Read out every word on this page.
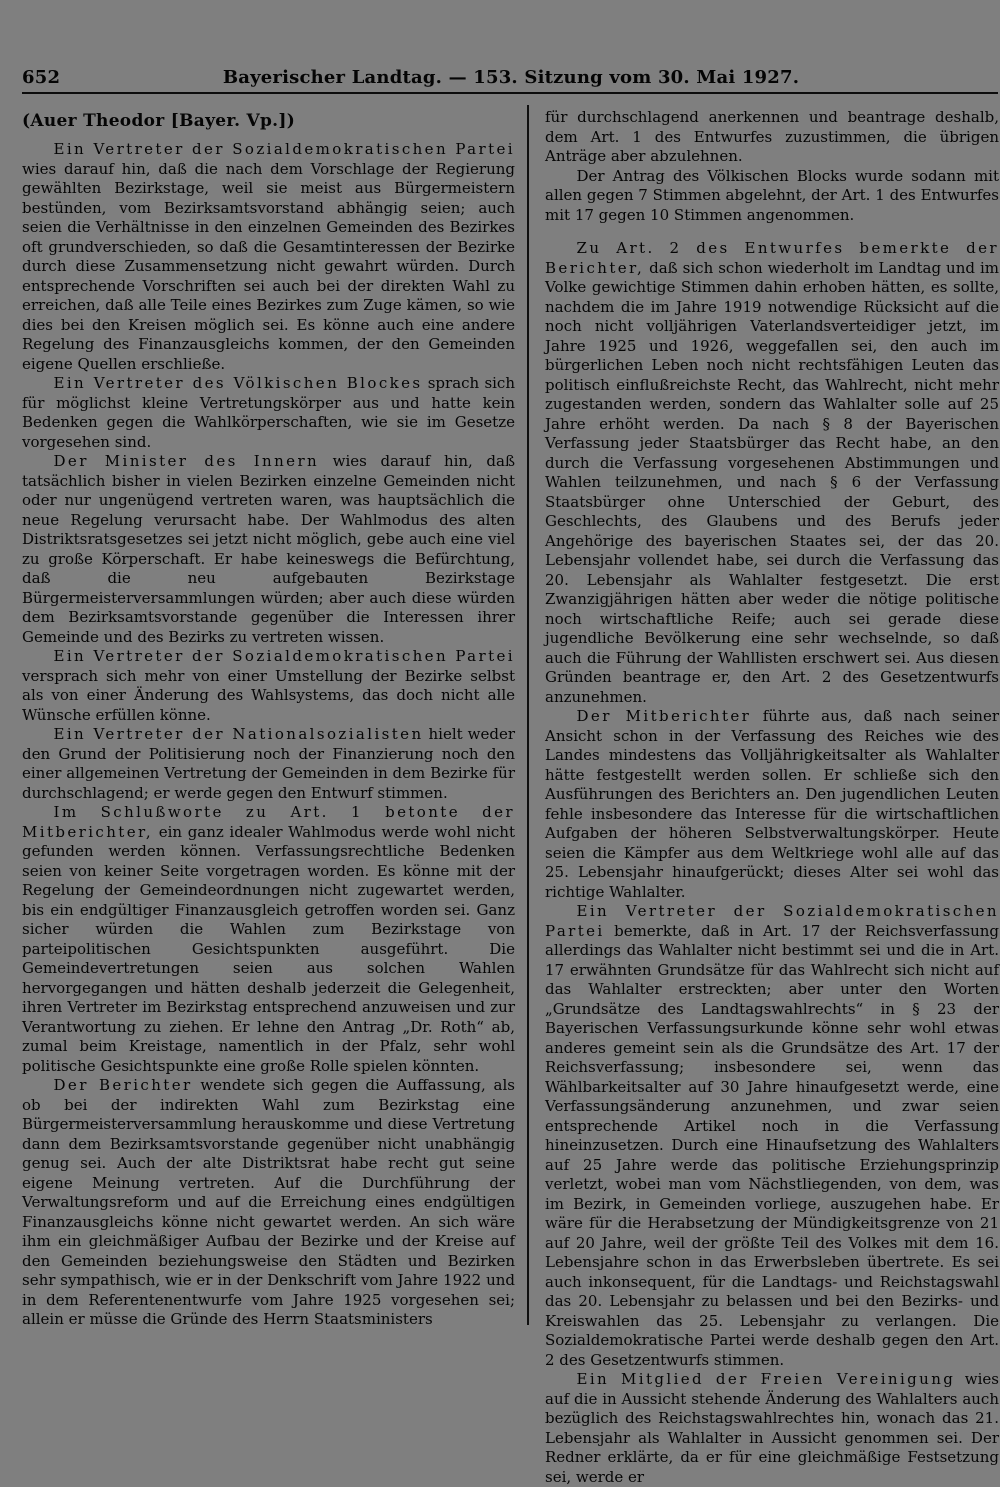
652	Bayerischer Landtag. — 153. Sitzung vom 30. Mai 1927.

(Auer Theodor [Bayer. Vp.])

Ein Vertreter der Sozialdemokratischen Partei wies darauf hin, daß die nach dem Vorschlage der Regierung gewählten Bezirkstage, weil sie meist aus Bürgermeistern bestünden, vom Bezirksamtsvorstand abhängig seien; auch seien die Verhältnisse in den einzelnen Gemeinden des Bezirkes oft grundverschieden, so daß die Gesamtinteressen der Bezirke durch diese Zusammensetzung nicht gewahrt würden. Durch entsprechende Vorschriften sei auch bei der direkten Wahl zu erreichen, daß alle Teile eines Bezirkes zum Zuge kämen, so wie dies bei den Kreisen möglich sei. Es könne auch eine andere Regelung des Finanzausgleichs kommen, der den Gemeinden eigene Quellen erschließe.

Ein Vertreter des Völkischen Blockes sprach sich für möglichst kleine Vertretungskörper aus und hatte kein Bedenken gegen die Wahlkörperschaften, wie sie im Gesetze vorgesehen sind.

Der Minister des Innern wies darauf hin, daß tatsächlich bisher in vielen Bezirken einzelne Gemeinden nicht oder nur ungenügend vertreten waren, was hauptsächlich die neue Regelung verursacht habe. Der Wahlmodus des alten Distriktsratsgesetzes sei jetzt nicht möglich, gebe auch eine viel zu große Körperschaft. Er habe keineswegs die Befürchtung, daß die neu aufgebauten Bezirkstage Bürgermeisterversammlungen würden; aber auch diese würden dem Bezirksamtsvorstande gegenüber die Interessen ihrer Gemeinde und des Bezirks zu vertreten wissen.

Ein Vertreter der Sozialdemokratischen Partei versprach sich mehr von einer Umstellung der Bezirke selbst als von einer Änderung des Wahlsystems, das doch nicht alle Wünsche erfüllen könne.

Ein Vertreter der Nationalsozialisten hielt weder den Grund der Politisierung noch der Finanzierung noch den einer allgemeinen Vertretung der Gemeinden in dem Bezirke für durchschlagend; er werde gegen den Entwurf stimmen.

Im Schlußworte zu Art. 1 betonte der Mitberichter, ein ganz idealer Wahlmodus werde wohl nicht gefunden werden können. Verfassungsrechtliche Bedenken seien von keiner Seite vorgetragen worden. Es könne mit der Regelung der Gemeindeordnungen nicht zugewartet werden, bis ein endgültiger Finanzausgleich getroffen worden sei. Ganz sicher würden die Wahlen zum Bezirkstage von parteipolitischen Gesichtspunkten ausgeführt. Die Gemeindevertretungen seien aus solchen Wahlen hervorgegangen und hätten deshalb jederzeit die Gelegenheit, ihren Vertreter im Bezirkstag entsprechend anzuweisen und zur Verantwortung zu ziehen. Er lehne den Antrag „Dr. Roth“ ab, zumal beim Kreistage, namentlich in der Pfalz, sehr wohl politische Gesichtspunkte eine große Rolle spielen könnten.

Der Berichter wendete sich gegen die Auffassung, als ob bei der indirekten Wahl zum Bezirkstag eine Bürgermeisterversammlung herauskomme und diese Vertretung dann dem Bezirksamtsvorstande gegenüber nicht unabhängig genug sei. Auch der alte Distriktsrat habe recht gut seine eigene Meinung vertreten. Auf die Durchführung der Verwaltungsreform und auf die Erreichung eines endgültigen Finanzausgleichs könne nicht gewartet werden. An sich wäre ihm ein gleichmäßiger Aufbau der Bezirke und der Kreise auf den Gemeinden beziehungsweise den Städten und Bezirken sehr sympathisch, wie er in der Denkschrift vom Jahre 1922 und in dem Referentenentwurfe vom Jahre 1925 vorgesehen sei; allein er müsse die Gründe des Herrn Staatsministers

für durchschlagend anerkennen und beantrage deshalb, dem Art. 1 des Entwurfes zuzustimmen, die übrigen Anträge aber abzulehnen.

Der Antrag des Völkischen Blocks wurde sodann mit allen gegen 7 Stimmen abgelehnt, der Art. 1 des Entwurfes mit 17 gegen 10 Stimmen angenommen.

Zu Art. 2 des Entwurfes bemerkte der Berichter, daß sich schon wiederholt im Landtag und im Volke gewichtige Stimmen dahin erhoben hätten, es sollte, nachdem die im Jahre 1919 notwendige Rücksicht auf die noch nicht volljährigen Vaterlandsverteidiger jetzt, im Jahre 1925 und 1926, weggefallen sei, den auch im bürgerlichen Leben noch nicht rechtsfähigen Leuten das politisch einflußreichste Recht, das Wahlrecht, nicht mehr zugestanden werden, sondern das Wahlalter solle auf 25 Jahre erhöht werden. Da nach § 8 der Bayerischen Verfassung jeder Staatsbürger das Recht habe, an den durch die Verfassung vorgesehenen Abstimmungen und Wahlen teilzunehmen, und nach § 6 der Verfassung Staatsbürger ohne Unterschied der Geburt, des Geschlechts, des Glaubens und des Berufs jeder Angehörige des bayerischen Staates sei, der das 20. Lebensjahr vollendet habe, sei durch die Verfassung das 20. Lebensjahr als Wahlalter festgesetzt. Die erst Zwanzigjährigen hätten aber weder die nötige politische noch wirtschaftliche Reife; auch sei gerade diese jugendliche Bevölkerung eine sehr wechselnde, so daß auch die Führung der Wahllisten erschwert sei. Aus diesen Gründen beantrage er, den Art. 2 des Gesetzentwurfs anzunehmen.

Der Mitberichter führte aus, daß nach seiner Ansicht schon in der Verfassung des Reiches wie des Landes mindestens das Volljährigkeitsalter als Wahlalter hätte festgestellt werden sollen. Er schließe sich den Ausführungen des Berichters an. Den jugendlichen Leuten fehle insbesondere das Interesse für die wirtschaftlichen Aufgaben der höheren Selbstverwaltungskörper. Heute seien die Kämpfer aus dem Weltkriege wohl alle auf das 25. Lebensjahr hinaufgerückt; dieses Alter sei wohl das richtige Wahlalter.

Ein Vertreter der Sozialdemokratischen Partei bemerkte, daß in Art. 17 der Reichsverfassung allerdings das Wahlalter nicht bestimmt sei und die in Art. 17 erwähnten Grundsätze für das Wahlrecht sich nicht auf das Wahlalter erstreckten; aber unter den Worten „Grundsätze des Landtagswahlrechts“ in § 23 der Bayerischen Verfassungsurkunde könne sehr wohl etwas anderes gemeint sein als die Grundsätze des Art. 17 der Reichsverfassung; insbesondere sei, wenn das Wählbarkeitsalter auf 30 Jahre hinaufgesetzt werde, eine Verfassungsänderung anzunehmen, und zwar seien entsprechende Artikel noch in die Verfassung hineinzusetzen. Durch eine Hinaufsetzung des Wahlalters auf 25 Jahre werde das politische Erziehungsprinzip verletzt, wobei man vom Nächstliegenden, von dem, was im Bezirk, in Gemeinden vorliege, auszugehen habe. Er wäre für die Herabsetzung der Mündigkeitsgrenze von 21 auf 20 Jahre, weil der größte Teil des Volkes mit dem 16. Lebensjahre schon in das Erwerbsleben übertrete. Es sei auch inkonsequent, für die Landtags- und Reichstagswahl das 20. Lebensjahr zu belassen und bei den Bezirks- und Kreiswahlen das 25. Lebensjahr zu verlangen. Die Sozialdemokratische Partei werde deshalb gegen den Art. 2 des Gesetzentwurfs stimmen.

Ein Mitglied der Freien Vereinigung wies auf die in Aussicht stehende Änderung des Wahlalters auch bezüglich des Reichstagswahlrechtes hin, wonach das 21. Lebensjahr als Wahlalter in Aussicht genommen sei. Der Redner erklärte, da er für eine gleichmäßige Festsetzung sei, werde er
